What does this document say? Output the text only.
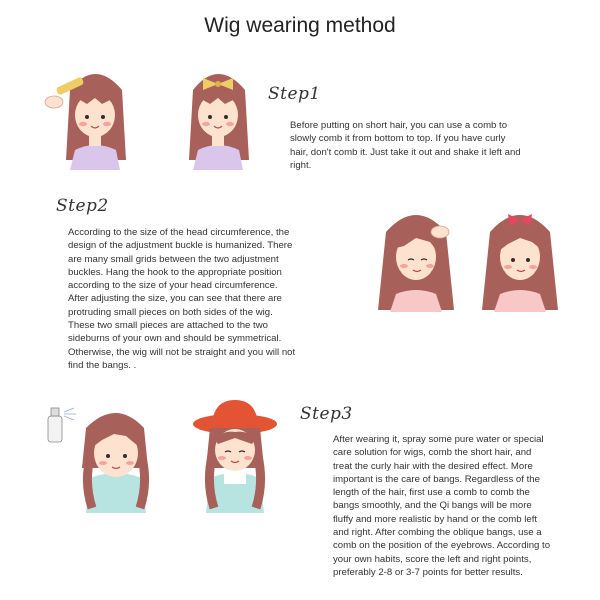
Wig wearing method
Step1
Before putting on short hair, you can use a comb to slowly comb it from bottom to top. If you have curly hair, don't comb it. Just take it out and shake it left and right.
Step2
According to the size of the head circumference, the design of the adjustment buckle is humanized. There are many small grids between the two adjustment buckles. Hang the hook to the appropriate position according to the size of your head circumference. After adjusting the size, you can see that there are protruding small pieces on both sides of the wig. These two small pieces are attached to the two sideburns of your own and should be symmetrical. Otherwise, the wig will not be straight and you will not find the bangs. .
Step3
After wearing it, spray some pure water or special care solution for wigs, comb the short hair, and treat the curly hair with the desired effect. More important is the care of bangs. Regardless of the length of the hair, first use a comb to comb the bangs smoothly, and the Qi bangs will be more fluffy and more realistic by hand or the comb left and right. After combing the oblique bangs, use a comb on the position of the eyebrows. According to your own habits, score the left and right points, preferably 2-8 or 3-7 points for better results.
